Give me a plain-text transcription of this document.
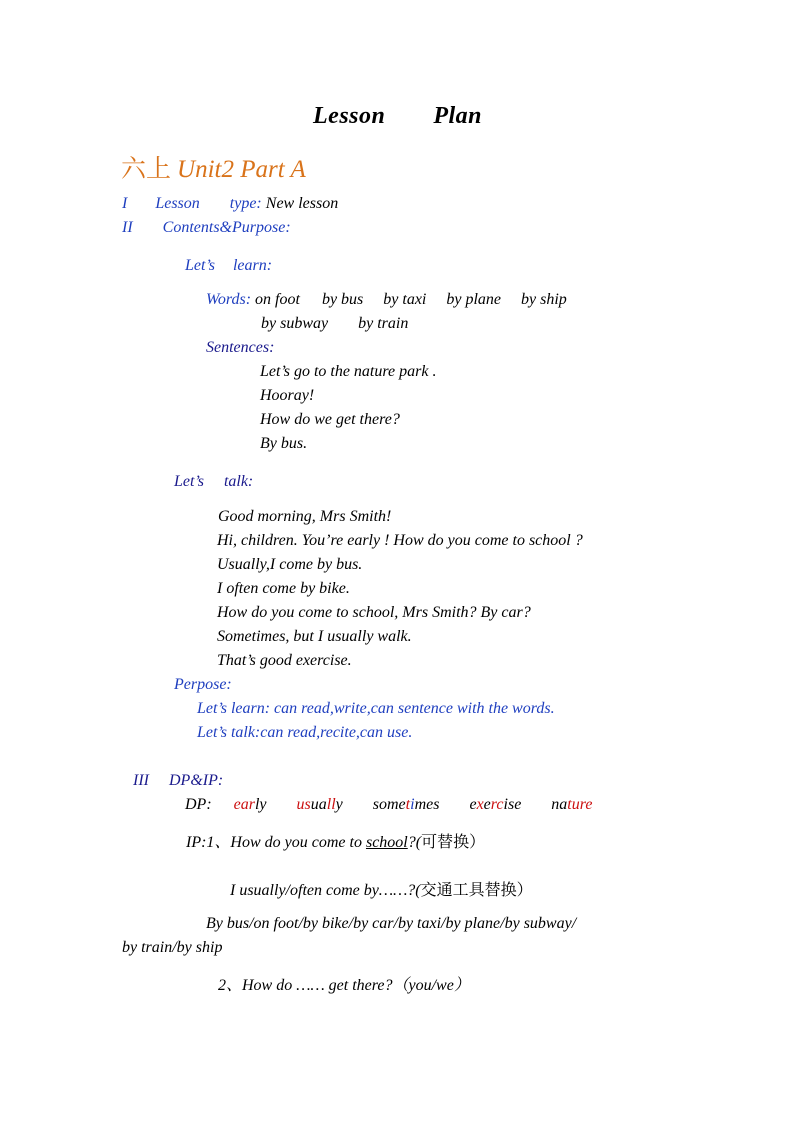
Lesson Plan
六上 Unit2 Part A
I Lesson type: New lesson
II Contents&Purpose:
Let’s learn:
Words: on foot by bus by taxi by plane by ship
by subway by train
Sentences:
Let’s go to the nature park .
Hooray!
How do we get there?
By bus.
Let’s talk:
Good morning, Mrs Smith!
Hi, children. You’re early ! How do you come to school ?
Usually,I come by bus.
I often come by bike.
How do you come to school, Mrs Smith? By car?
Sometimes, but I usually walk.
That’s good exercise.
Perpose:
Let’s learn: can read,write,can sentence with the words.
Let’s talk:can read,recite,can use.
III DP&IP:
DP: early usually sometimes exercise nature
IP:1、How do you come to school?(可替换）
I usually/often come by……?(交通工具替换）
By bus/on foot/by bike/by car/by taxi/by plane/by subway/
by train/by ship
2、How do …… get there?（you/we）
